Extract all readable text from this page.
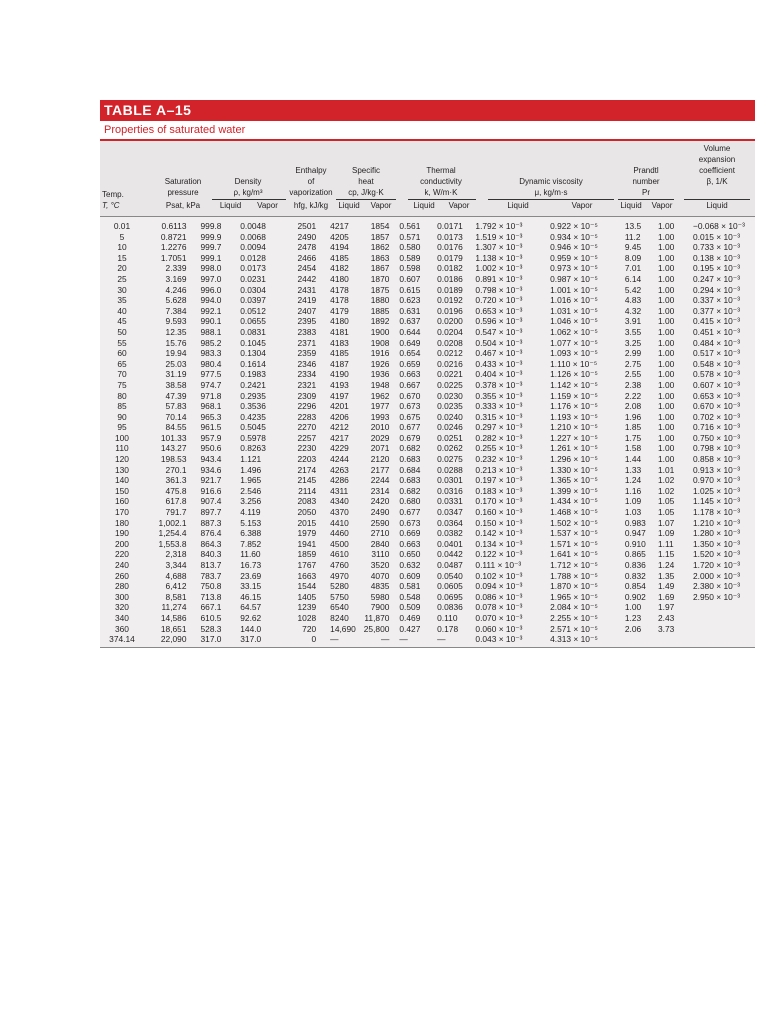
TABLE A–15
Properties of saturated water
Temp.
T, °C
Saturation
pressure
Psat, kPa
Density
ρ, kg/m³
Liquid	Vapor
Enthalpy
of
vaporization
hfg, kJ/kg
Specific
heat
cp, J/kg·K
Liquid	Vapor
Thermal
conductivity
k, W/m·K
Liquid	Vapor
Dynamic viscosity
μ, kg/m·s
Liquid	Vapor
Prandtl
number
Pr
Liquid	Vapor
Volume
expansion
coefficient
β, 1/K
Liquid
0.01	0.6113	999.8	0.0048	2501	4217	1854	0.561	0.0171	1.792 × 10⁻³	0.922 × 10⁻⁵	13.5	1.00	−0.068 × 10⁻³
5	0.8721	999.9	0.0068	2490	4205	1857	0.571	0.0173	1.519 × 10⁻³	0.934 × 10⁻⁵	11.2	1.00	0.015 × 10⁻³
10	1.2276	999.7	0.0094	2478	4194	1862	0.580	0.0176	1.307 × 10⁻³	0.946 × 10⁻⁵	9.45	1.00	0.733 × 10⁻³
15	1.7051	999.1	0.0128	2466	4185	1863	0.589	0.0179	1.138 × 10⁻³	0.959 × 10⁻⁵	8.09	1.00	0.138 × 10⁻³
20	2.339	998.0	0.0173	2454	4182	1867	0.598	0.0182	1.002 × 10⁻³	0.973 × 10⁻⁵	7.01	1.00	0.195 × 10⁻³
25	3.169	997.0	0.0231	2442	4180	1870	0.607	0.0186	0.891 × 10⁻³	0.987 × 10⁻⁵	6.14	1.00	0.247 × 10⁻³
30	4.246	996.0	0.0304	2431	4178	1875	0.615	0.0189	0.798 × 10⁻³	1.001 × 10⁻⁵	5.42	1.00	0.294 × 10⁻³
35	5.628	994.0	0.0397	2419	4178	1880	0.623	0.0192	0.720 × 10⁻³	1.016 × 10⁻⁵	4.83	1.00	0.337 × 10⁻³
40	7.384	992.1	0.0512	2407	4179	1885	0.631	0.0196	0.653 × 10⁻³	1.031 × 10⁻⁵	4.32	1.00	0.377 × 10⁻³
45	9.593	990.1	0.0655	2395	4180	1892	0.637	0.0200	0.596 × 10⁻³	1.046 × 10⁻⁵	3.91	1.00	0.415 × 10⁻³
50	12.35	988.1	0.0831	2383	4181	1900	0.644	0.0204	0.547 × 10⁻³	1.062 × 10⁻⁵	3.55	1.00	0.451 × 10⁻³
55	15.76	985.2	0.1045	2371	4183	1908	0.649	0.0208	0.504 × 10⁻³	1.077 × 10⁻⁵	3.25	1.00	0.484 × 10⁻³
60	19.94	983.3	0.1304	2359	4185	1916	0.654	0.0212	0.467 × 10⁻³	1.093 × 10⁻⁵	2.99	1.00	0.517 × 10⁻³
65	25.03	980.4	0.1614	2346	4187	1926	0.659	0.0216	0.433 × 10⁻³	1.110 × 10⁻⁵	2.75	1.00	0.548 × 10⁻³
70	31.19	977.5	0.1983	2334	4190	1936	0.663	0.0221	0.404 × 10⁻³	1.126 × 10⁻⁵	2.55	1.00	0.578 × 10⁻³
75	38.58	974.7	0.2421	2321	4193	1948	0.667	0.0225	0.378 × 10⁻³	1.142 × 10⁻⁵	2.38	1.00	0.607 × 10⁻³
80	47.39	971.8	0.2935	2309	4197	1962	0.670	0.0230	0.355 × 10⁻³	1.159 × 10⁻⁵	2.22	1.00	0.653 × 10⁻³
85	57.83	968.1	0.3536	2296	4201	1977	0.673	0.0235	0.333 × 10⁻³	1.176 × 10⁻⁵	2.08	1.00	0.670 × 10⁻³
90	70.14	965.3	0.4235	2283	4206	1993	0.675	0.0240	0.315 × 10⁻³	1.193 × 10⁻⁵	1.96	1.00	0.702 × 10⁻³
95	84.55	961.5	0.5045	2270	4212	2010	0.677	0.0246	0.297 × 10⁻³	1.210 × 10⁻⁵	1.85	1.00	0.716 × 10⁻³
100	101.33	957.9	0.5978	2257	4217	2029	0.679	0.0251	0.282 × 10⁻³	1.227 × 10⁻⁵	1.75	1.00	0.750 × 10⁻³
110	143.27	950.6	0.8263	2230	4229	2071	0.682	0.0262	0.255 × 10⁻³	1.261 × 10⁻⁵	1.58	1.00	0.798 × 10⁻³
120	198.53	943.4	1.121	2203	4244	2120	0.683	0.0275	0.232 × 10⁻³	1.296 × 10⁻⁵	1.44	1.00	0.858 × 10⁻³
130	270.1	934.6	1.496	2174	4263	2177	0.684	0.0288	0.213 × 10⁻³	1.330 × 10⁻⁵	1.33	1.01	0.913 × 10⁻³
140	361.3	921.7	1.965	2145	4286	2244	0.683	0.0301	0.197 × 10⁻³	1.365 × 10⁻⁵	1.24	1.02	0.970 × 10⁻³
150	475.8	916.6	2.546	2114	4311	2314	0.682	0.0316	0.183 × 10⁻³	1.399 × 10⁻⁵	1.16	1.02	1.025 × 10⁻³
160	617.8	907.4	3.256	2083	4340	2420	0.680	0.0331	0.170 × 10⁻³	1.434 × 10⁻⁵	1.09	1.05	1.145 × 10⁻³
170	791.7	897.7	4.119	2050	4370	2490	0.677	0.0347	0.160 × 10⁻³	1.468 × 10⁻⁵	1.03	1.05	1.178 × 10⁻³
180	1,002.1	887.3	5.153	2015	4410	2590	0.673	0.0364	0.150 × 10⁻³	1.502 × 10⁻⁵	0.983	1.07	1.210 × 10⁻³
190	1,254.4	876.4	6.388	1979	4460	2710	0.669	0.0382	0.142 × 10⁻³	1.537 × 10⁻⁵	0.947	1.09	1.280 × 10⁻³
200	1,553.8	864.3	7.852	1941	4500	2840	0.663	0.0401	0.134 × 10⁻³	1.571 × 10⁻⁵	0.910	1.11	1.350 × 10⁻³
220	2,318	840.3	11.60	1859	4610	3110	0.650	0.0442	0.122 × 10⁻³	1.641 × 10⁻⁵	0.865	1.15	1.520 × 10⁻³
240	3,344	813.7	16.73	1767	4760	3520	0.632	0.0487	0.111 × 10⁻³	1.712 × 10⁻⁵	0.836	1.24	1.720 × 10⁻³
260	4,688	783.7	23.69	1663	4970	4070	0.609	0.0540	0.102 × 10⁻³	1.788 × 10⁻⁵	0.832	1.35	2.000 × 10⁻³
280	6,412	750.8	33.15	1544	5280	4835	0.581	0.0605	0.094 × 10⁻³	1.870 × 10⁻⁵	0.854	1.49	2.380 × 10⁻³
300	8,581	713.8	46.15	1405	5750	5980	0.548	0.0695	0.086 × 10⁻³	1.965 × 10⁻⁵	0.902	1.69	2.950 × 10⁻³
320	11,274	667.1	64.57	1239	6540	7900	0.509	0.0836	0.078 × 10⁻³	2.084 × 10⁻⁵	1.00	1.97	
340	14,586	610.5	92.62	1028	8240	11,870	0.469	0.110	0.070 × 10⁻³	2.255 × 10⁻⁵	1.23	2.43	
360	18,651	528.3	144.0	720	14,690	25,800	0.427	0.178	0.060 × 10⁻³	2.571 × 10⁻⁵	2.06	3.73	
374.14	22,090	317.0	317.0	0	—	—	—	—	0.043 × 10⁻³	4.313 × 10⁻⁵			
